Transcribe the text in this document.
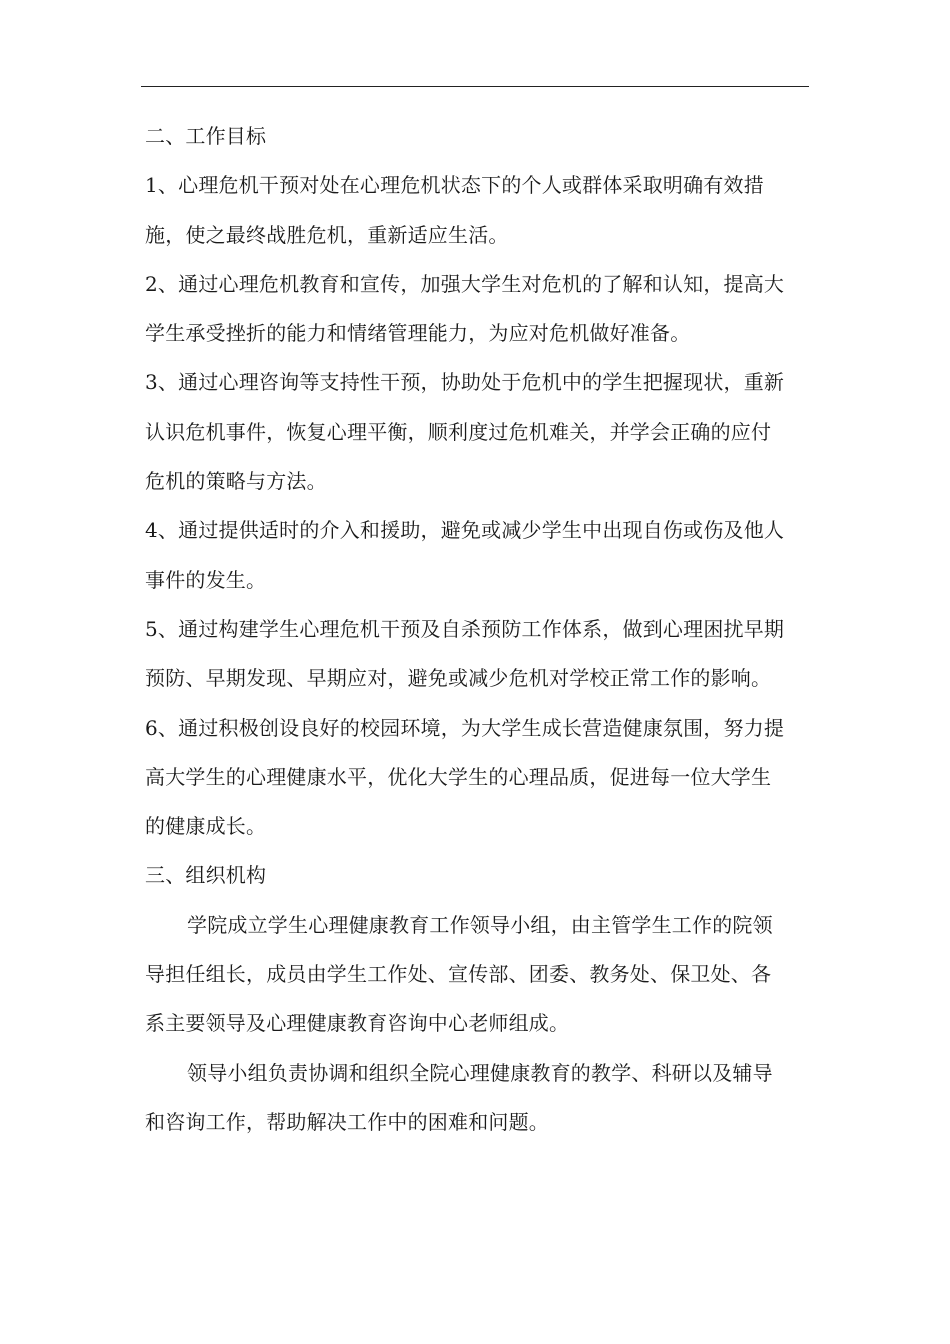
二、工作目标
1、心理危机干预对处在心理危机状态下的个人或群体采取明确有效措
施，使之最终战胜危机，重新适应生活。
2、通过心理危机教育和宣传，加强大学生对危机的了解和认知，提高大
学生承受挫折的能力和情绪管理能力，为应对危机做好准备。
3、通过心理咨询等支持性干预，协助处于危机中的学生把握现状，重新
认识危机事件，恢复心理平衡，顺利度过危机难关，并学会正确的应付
危机的策略与方法。
4、通过提供适时的介入和援助，避免或减少学生中出现自伤或伤及他人
事件的发生。
5、通过构建学生心理危机干预及自杀预防工作体系，做到心理困扰早期
预防、早期发现、早期应对，避免或减少危机对学校正常工作的影响。
6、通过积极创设良好的校园环境，为大学生成长营造健康氛围，努力提
高大学生的心理健康水平，优化大学生的心理品质，促进每一位大学生
的健康成长。
三、组织机构
学院成立学生心理健康教育工作领导小组，由主管学生工作的院领
导担任组长，成员由学生工作处、宣传部、团委、教务处、保卫处、各
系主要领导及心理健康教育咨询中心老师组成。
领导小组负责协调和组织全院心理健康教育的教学、科研以及辅导
和咨询工作，帮助解决工作中的困难和问题。
